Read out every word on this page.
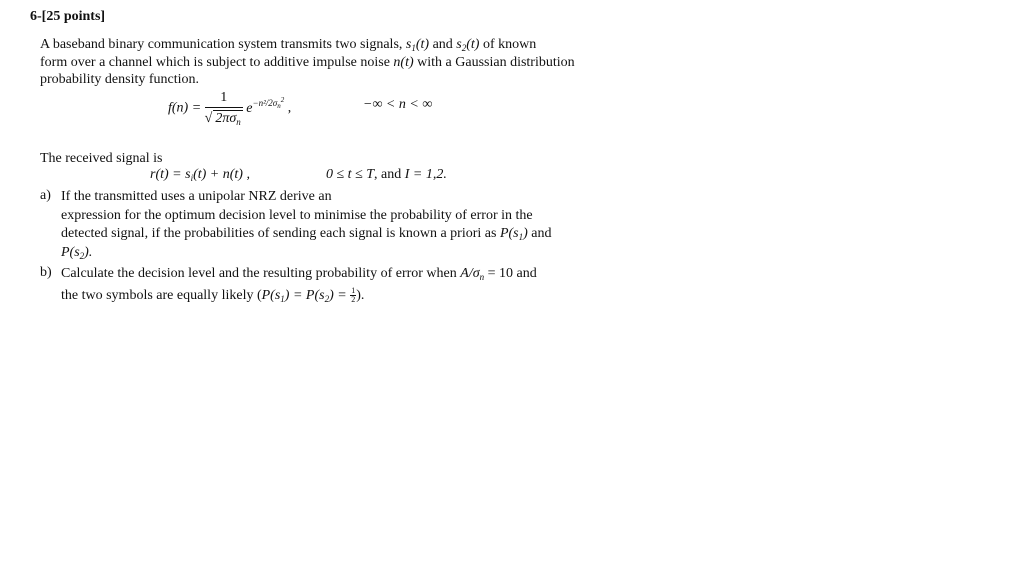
6-[25 points]
A baseband binary communication system transmits two signals, $s_1(t)$ and $s_2(t)$ of known
form over a channel which is subject to additive impulse noise n(t) with a Gaussian distribution
probability density function.
$f(n) = \frac{1}{√ 2\pi\sigma_n} e^{-n^2/2\sigma_n^2}$ ,	−∞ < n < ∞
The received signal is
$r(t) = s_i(t) + n(t)$ ,	0 ≤ t ≤ T, and I = 1,2.
a) If the transmitted uses a unipolar NRZ derive an
expression for the optimum decision level to minimise the probability of error in the
detected signal, if the probabilities of sending each signal is known a priori as $P(s_1)$ and
$P(s_2)$.
b) Calculate the decision level and the resulting probability of error when $A/\sigma_n = 10$ and
the two symbols are equally likely ($P(s_1) = P(s_2) = \frac{1}{2}$ ).
